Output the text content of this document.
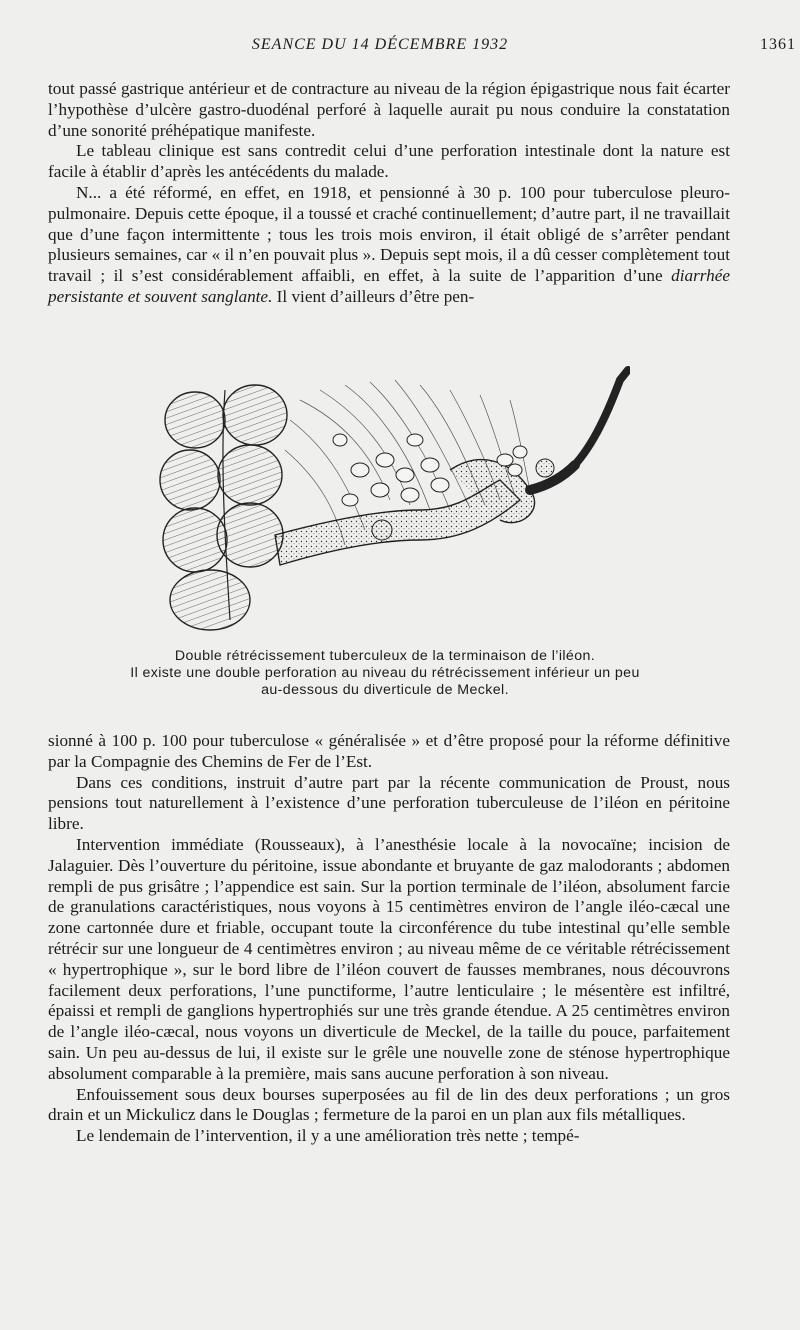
SEANCE DU 14 DÉCEMBRE 1932	1361

tout passé gastrique antérieur et de contracture au niveau de la région épigastrique nous fait écarter l’hypothèse d’ulcère gastro-duodénal perforé à laquelle aurait pu nous conduire la constatation d’une sonorité préhépatique manifeste.

Le tableau clinique est sans contredit celui d’une perforation intestinale dont la nature est facile à établir d’après les antécédents du malade.

N... a été réformé, en effet, en 1918, et pensionné à 30 p. 100 pour tuberculose pleuro-pulmonaire. Depuis cette époque, il a toussé et craché continuellement; d’autre part, il ne travaillait que d’une façon intermittente ; tous les trois mois environ, il était obligé de s’arrêter pendant plusieurs semaines, car « il n’en pouvait plus ». Depuis sept mois, il a dû cesser complètement tout travail ; il s’est considérablement affaibli, en effet, à la suite de l’apparition d’une diarrhée persistante et souvent sanglante. Il vient d’ailleurs d’être pen-

Double rétrécissement tuberculeux de la terminaison de l’iléon.
Il existe une double perforation au niveau du rétrécissement inférieur un peu
au-dessous du diverticule de Meckel.

sionné à 100 p. 100 pour tuberculose « généralisée » et d’être proposé pour la réforme définitive par la Compagnie des Chemins de Fer de l’Est.

Dans ces conditions, instruit d’autre part par la récente communication de Proust, nous pensions tout naturellement à l’existence d’une perforation tuberculeuse de l’iléon en péritoine libre.

Intervention immédiate (Rousseaux), à l’anesthésie locale à la novocaïne; incision de Jalaguier. Dès l’ouverture du péritoine, issue abondante et bruyante de gaz malodorants ; abdomen rempli de pus grisâtre ; l’appendice est sain. Sur la portion terminale de l’iléon, absolument farcie de granulations caractéristiques, nous voyons à 15 centimètres environ de l’angle iléo-cæcal une zone cartonnée dure et friable, occupant toute la circonférence du tube intestinal qu’elle semble rétrécir sur une longueur de 4 centimètres environ ; au niveau même de ce véritable rétrécissement « hypertrophique », sur le bord libre de l’iléon couvert de fausses membranes, nous découvrons facilement deux perforations, l’une punctiforme, l’autre lenticulaire ; le mésentère est infiltré, épaissi et rempli de ganglions hypertrophiés sur une très grande étendue. A 25 centimètres environ de l’angle iléo-cæcal, nous voyons un diverticule de Meckel, de la taille du pouce, parfaitement sain. Un peu au-dessus de lui, il existe sur le grêle une nouvelle zone de sténose hypertrophique absolument comparable à la première, mais sans aucune perforation à son niveau.

Enfouissement sous deux bourses superposées au fil de lin des deux perforations ; un gros drain et un Mickulicz dans le Douglas ; fermeture de la paroi en un plan aux fils métalliques.

Le lendemain de l’intervention, il y a une amélioration très nette ; tempé-
